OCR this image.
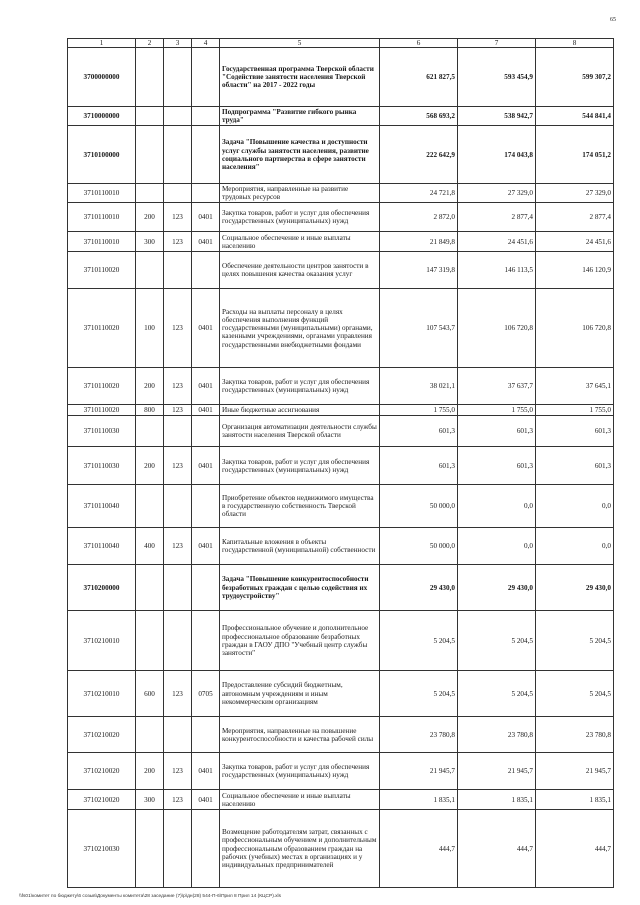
65
1	2	3	4	5	6	7	8
3700000000				Государственная программа Тверской области "Содействие занятости населения Тверской области" на 2017 - 2022 годы	621 827,5	593 454,9	599 307,2
3710000000				Подпрограмма "Развитие гибкого рынка труда"	568 693,2	538 942,7	544 841,4
3710100000				Задача "Повышение качества и доступности услуг службы занятости населения, развитие социального партнерства в сфере занятости населения"	222 642,9	174 043,8	174 051,2
3710110010				Мероприятия, направленные на развитие трудовых ресурсов	24 721,8	27 329,0	27 329,0
3710110010	200	123	0401	Закупка товаров, работ и услуг для обеспечения государственных (муниципальных) нужд	2 872,0	2 877,4	2 877,4
3710110010	300	123	0401	Социальное обеспечение и иные выплаты населению	21 849,8	24 451,6	24 451,6
3710110020				Обеспечение деятельности центров занятости в целях повышения качества оказания услуг	147 319,8	146 113,5	146 120,9
3710110020	100	123	0401	Расходы на выплаты персоналу в целях обеспечения выполнения функций государственными (муниципальными) органами, казенными учреждениями, органами управления государственными внебюджетными фондами	107 543,7	106 720,8	106 720,8
3710110020	200	123	0401	Закупка товаров, работ и услуг для обеспечения государственных (муниципальных) нужд	38 021,1	37 637,7	37 645,1
3710110020	800	123	0401	Иные бюджетные ассигнования	1 755,0	1 755,0	1 755,0
3710110030				Организация автоматизации деятельности службы занятости населения Тверской области	601,3	601,3	601,3
3710110030	200	123	0401	Закупка товаров, работ и услуг для обеспечения государственных (муниципальных) нужд	601,3	601,3	601,3
3710110040				Приобретение объектов недвижимого имущества в государственную собственность Тверской области	50 000,0	0,0	0,0
3710110040	400	123	0401	Капитальные вложения в объекты государственной (муниципальной) собственности	50 000,0	0,0	0,0
3710200000				Задача "Повышение конкурентоспособности безработных граждан с целью содействия их трудоустройству"	29 430,0	29 430,0	29 430,0
3710210010				Профессиональное обучение и дополнительное профессиональное образование безработных граждан в ГАОУ ДПО "Учебный центр службы занятости"	5 204,5	5 204,5	5 204,5
3710210010	600	123	0705	Предоставление субсидий бюджетным, автономным учреждениям и иным некоммерческим организациям	5 204,5	5 204,5	5 204,5
3710210020				Мероприятия, направленные на повышение конкурентоспособности и качества рабочей силы	23 780,8	23 780,8	23 780,8
3710210020	200	123	0401	Закупка товаров, работ и услуг для обеспечения государственных (муниципальных) нужд	21 945,7	21 945,7	21 945,7
3710210020	300	123	0401	Социальное обеспечение и иные выплаты населению	1 835,1	1 835,1	1 835,1
3710210030				Возмещение работодателям затрат, связанных с профессиональным обучением и дополнительным профессиональным образованием граждан на рабочих (учебных) местах в организациях и у индивидуальных предпринимателей	444,7	444,7	444,7
\\fs01\комитет по бюджету\6 созыв\Документы комитета\28 заседание (7)\р\дн(28) 544-П-6\Прил 8 Прил 14 (КЦСР).xls
